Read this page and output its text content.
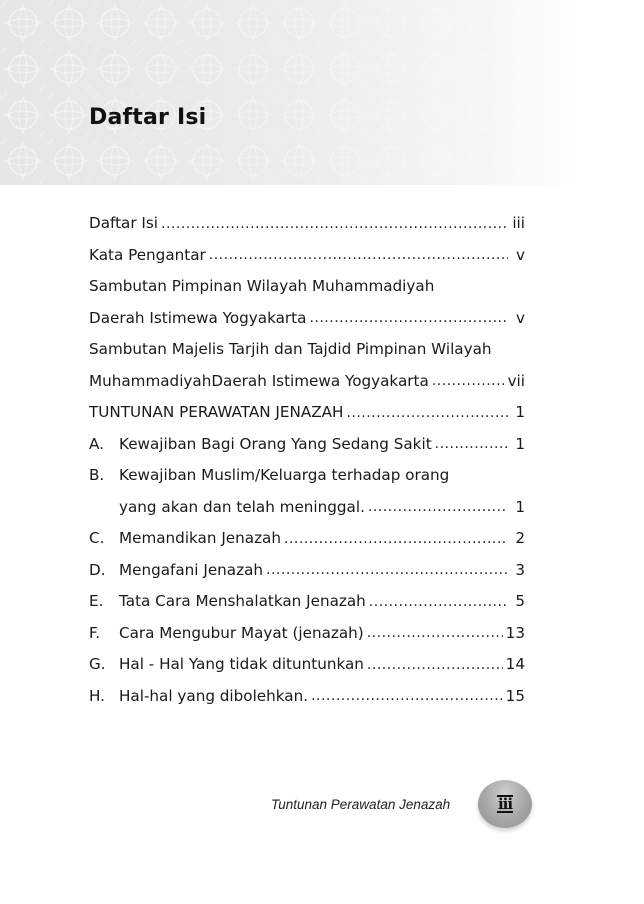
Daftar Isi
Daftar Isi .....	iii
Kata Pengantar .....	v
Sambutan Pimpinan Wilayah Muhammadiyah
Daerah Istimewa Yogyakarta .....	v
Sambutan Majelis Tarjih dan Tajdid Pimpinan Wilayah
MuhammadiyahDaerah Istimewa Yogyakarta .....	vii
TUNTUNAN PERAWATAN JENAZAH .....	1
A. Kewajiban Bagi Orang Yang Sedang Sakit .....	1
B. Kewajiban Muslim/Keluarga terhadap orang
yang akan dan telah meninggal. .....	1
C. Memandikan Jenazah .....	2
D. Mengafani Jenazah .....	3
E.	Tata Cara Menshalatkan Jenazah .....	5
F.	Cara Mengubur Mayat (jenazah) .....	13
G. Hal - Hal Yang tidak dituntunkan .....	14
H. Hal-hal yang dibolehkan. .....	15
Tuntunan Perawatan Jenazah	iii
